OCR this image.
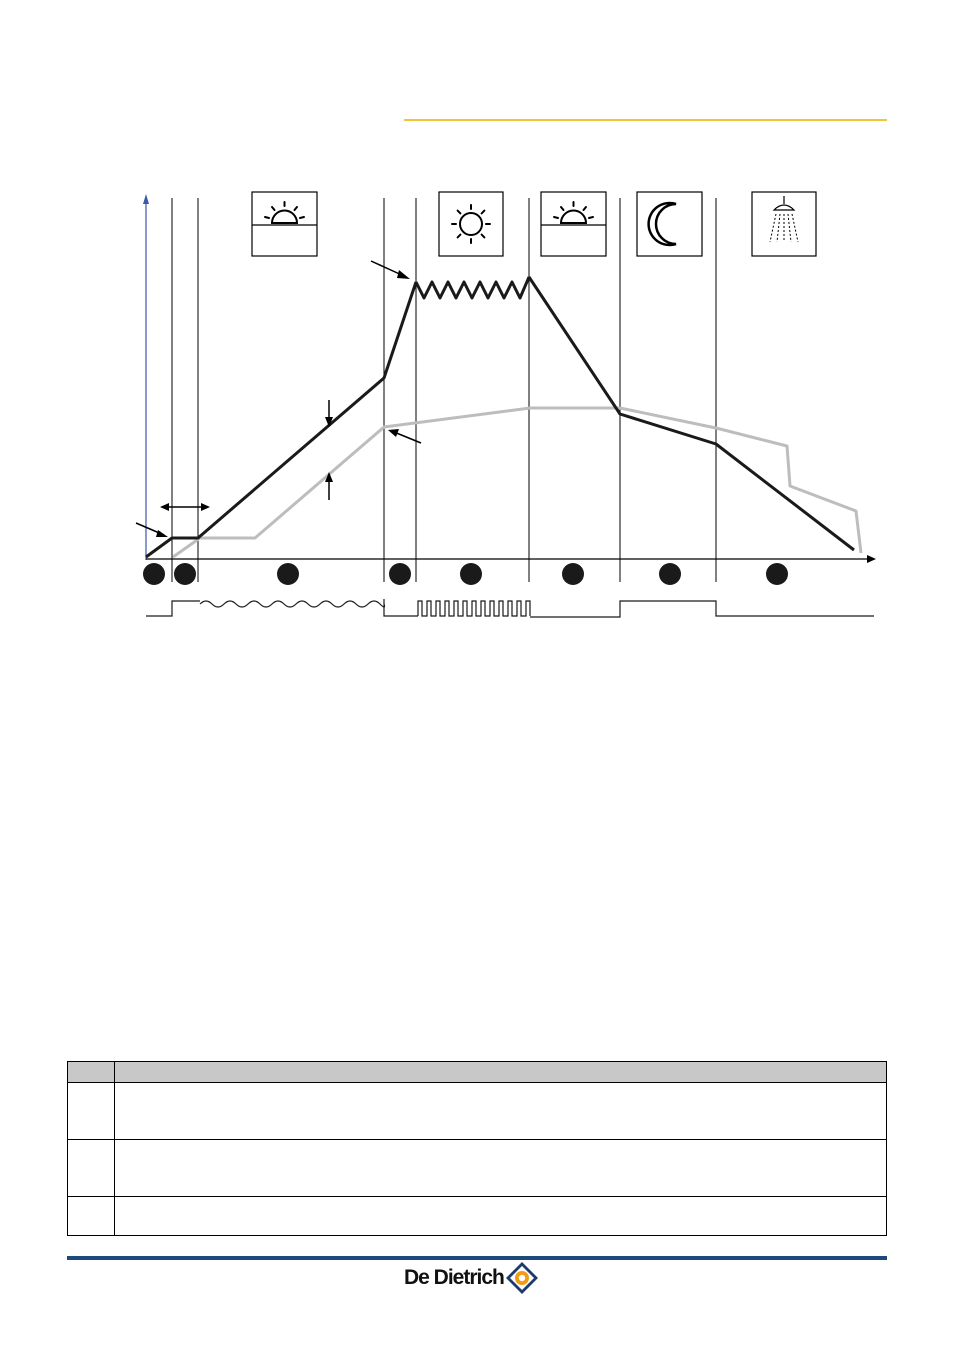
De Dietrich
